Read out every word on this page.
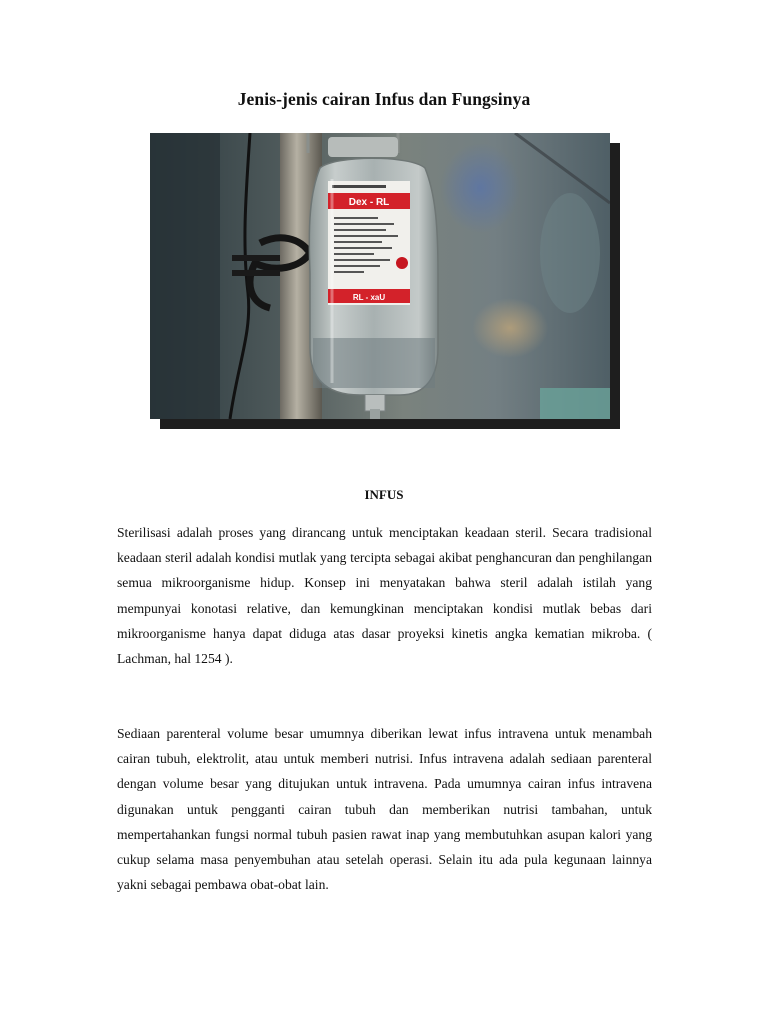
Jenis-jenis cairan Infus dan Fungsinya
Dex - RL
RL - xaU
INFUS

Sterilisasi adalah proses yang dirancang untuk menciptakan keadaan steril. Secara tradisional keadaan steril adalah kondisi mutlak yang tercipta sebagai akibat penghancuran dan penghilangan semua mikroorganisme hidup. Konsep ini menyatakan bahwa steril adalah istilah yang mempunyai konotasi relative, dan kemungkinan menciptakan kondisi mutlak bebas dari mikroorganisme hanya dapat diduga atas dasar proyeksi kinetis angka kematian mikroba. ( Lachman, hal 1254 ).

Sediaan parenteral volume besar umumnya diberikan lewat infus intravena untuk menambah cairan tubuh, elektrolit, atau untuk memberi nutrisi. Infus intravena adalah sediaan parenteral dengan volume besar yang ditujukan untuk intravena. Pada umumnya cairan infus intravena digunakan untuk pengganti cairan tubuh dan memberikan nutrisi tambahan, untuk mempertahankan fungsi normal tubuh pasien rawat inap yang membutuhkan asupan kalori yang cukup selama masa penyembuhan atau setelah operasi. Selain itu ada pula kegunaan lainnya yakni sebagai pembawa obat-obat lain.
